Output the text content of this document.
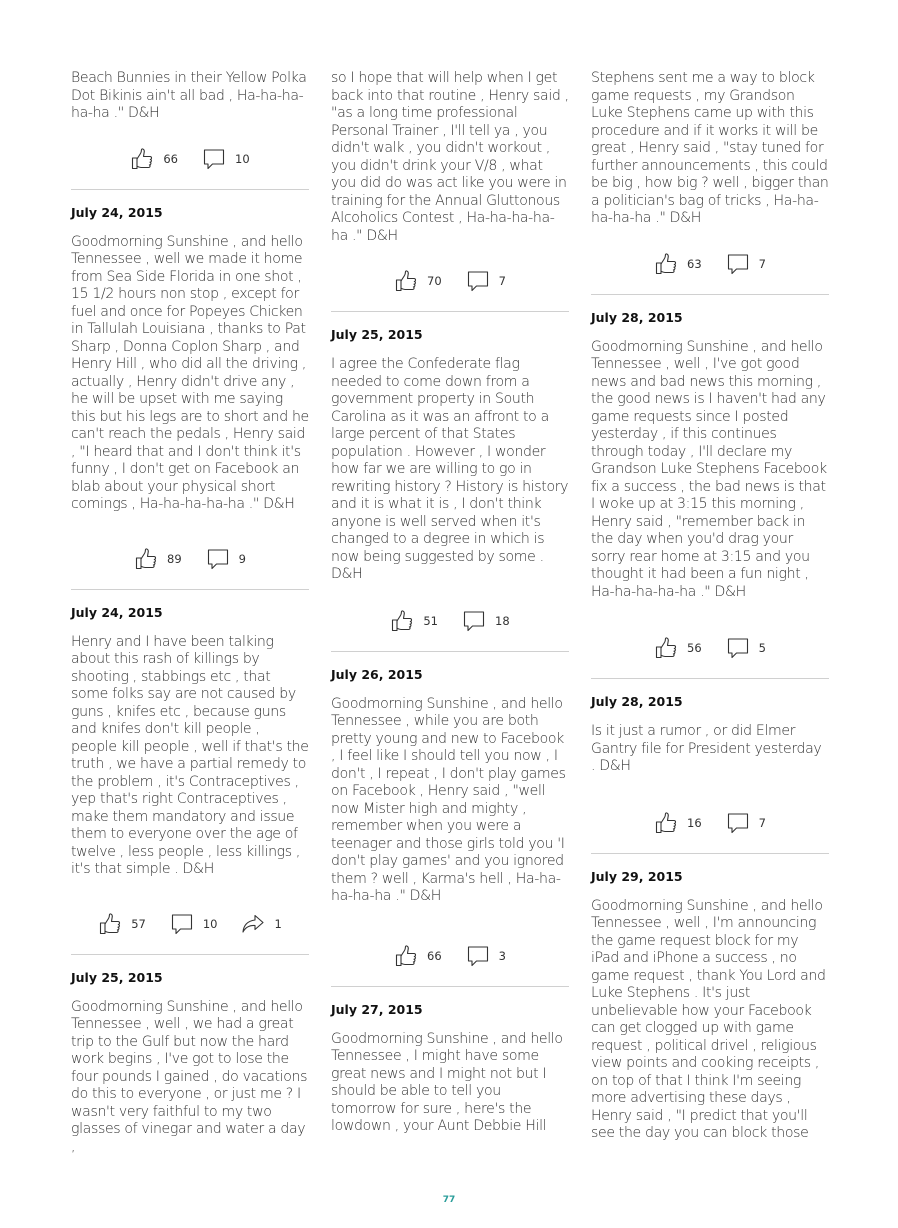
Beach Bunnies in their Yellow Polka Dot Bikinis ain't all bad , Ha-ha-ha-ha-ha ." D&H

66	10

July 24, 2015

Goodmorning Sunshine , and hello Tennessee , well we made it home from Sea Side Florida in one shot , 15 1/2 hours non stop , except for fuel and once for Popeyes Chicken in Tallulah Louisiana , thanks to Pat Sharp , Donna Coplon Sharp , and Henry Hill , who did all the driving , actually , Henry didn't drive any , he will be upset with me saying this but his legs are to short and he can't reach the pedals , Henry said , "I heard that and I don't think it's funny , I don't get on Facebook an blab about your physical short comings , Ha-ha-ha-ha-ha ." D&H

89	9

July 24, 2015

Henry and I have been talking about this rash of killings by shooting , stabbings etc , that some folks say are not caused by guns , knifes etc , because guns and knifes don't kill people , people kill people , well if that's the truth , we have a partial remedy to the problem , it's Contraceptives , yep that's right Contraceptives , make them mandatory and issue them to everyone over the age of twelve , less people , less killings , it's that simple . D&H

57	10	1

July 25, 2015

Goodmorning Sunshine , and hello Tennessee , well , we had a great trip to the Gulf but now the hard work begins , I've got to lose the four pounds I gained , do vacations do this to everyone , or just me ? I wasn't very faithful to my two glasses of vinegar and water a day ,

so I hope that will help when I get back into that routine , Henry said , "as a long time professional Personal Trainer , I'll tell ya , you didn't walk , you didn't workout , you didn't drink your V/8 , what you did do was act like you were in training for the Annual Gluttonous Alcoholics Contest , Ha-ha-ha-ha-ha ." D&H

70	7

July 25, 2015

I agree the Confederate flag needed to come down from a government property in South Carolina as it was an affront to a large percent of that States population . However , I wonder how far we are willing to go in rewriting history ? History is history and it is what it is , I don't think anyone is well served when it's changed to a degree in which is now being suggested by some . D&H

51	18

July 26, 2015

Goodmorning Sunshine , and hello Tennessee , while you are both pretty young and new to Facebook , I feel like I should tell you now , I don't , I repeat , I don't play games on Facebook , Henry said , "well now Mister high and mighty , remember when you were a teenager and those girls told you 'I don't play games' and you ignored them ? well , Karma's hell , Ha-ha-ha-ha-ha ." D&H

66	3

July 27, 2015

Goodmorning Sunshine , and hello Tennessee , I might have some great news and I might not but I should be able to tell you tomorrow for sure , here's the lowdown , your Aunt Debbie Hill

Stephens sent me a way to block game requests , my Grandson Luke Stephens came up with this procedure and if it works it will be great , Henry said , "stay tuned for further announcements , this could be big , how big ? well , bigger than a politician's bag of tricks , Ha-ha-ha-ha-ha ." D&H

63	7

July 28, 2015

Goodmorning Sunshine , and hello Tennessee , well , I've got good news and bad news this morning , the good news is I haven't had any game requests since I posted yesterday , if this continues through today , I'll declare my Grandson Luke Stephens Facebook fix a success , the bad news is that I woke up at 3:15 this morning , Henry said , "remember back in the day when you'd drag your sorry rear home at 3:15 and you thought it had been a fun night , Ha-ha-ha-ha-ha ." D&H

56	5

July 28, 2015

Is it just a rumor , or did Elmer Gantry file for President yesterday . D&H

16	7

July 29, 2015

Goodmorning Sunshine , and hello Tennessee , well , I'm announcing the game request block for my iPad and iPhone a success , no game request , thank You Lord and Luke Stephens . It's just unbelievable how your Facebook can get clogged up with game request , political drivel , religious view points and cooking receipts , on top of that I think I'm seeing more advertising these days , Henry said , "I predict that you'll see the day you can block those

77
